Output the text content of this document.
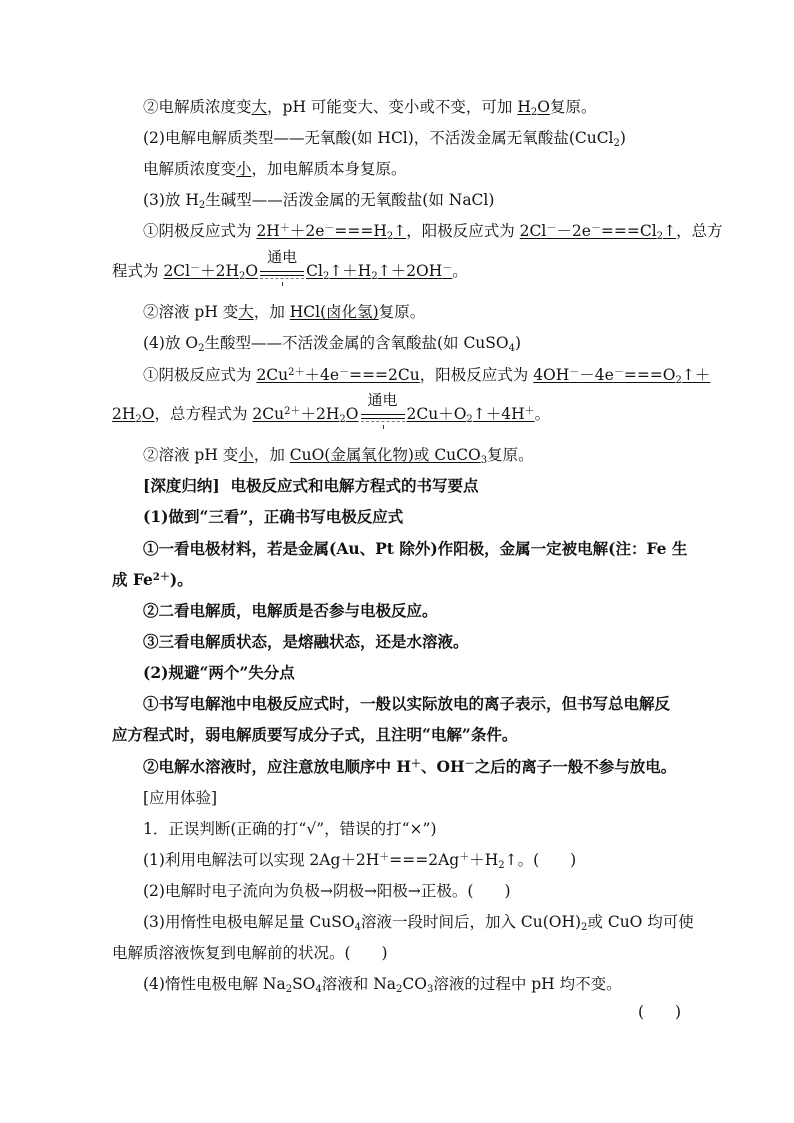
②电解质浓度变大，pH 可能变大、变小或不变，可加 $H_2O$复原。
(2)电解电解质类型——无氧酸(如 HCl)，不活泼金属无氧酸盐(CuCl$_2$)
电解质浓度变小，加电解质本身复原。
(3)放 $H_2$生碱型——活泼金属的无氧酸盐(如 NaCl)
①阴极反应式为 $2H^++2e^-===H_2↑$，阳极反应式为 $2Cl^--2e^-===Cl_2↑$，总方
程式为 $2Cl^-+2H_2O$
通电
$Cl_2↑+H_2↑+2OH^-$。
②溶液 pH 变大，加 HCl(卤化氢)复原。
(4)放 $O_2$生酸型——不活泼金属的含氧酸盐(如 CuSO$_4$)
①阴极反应式为 $2Cu^{2+}+4e^-===2Cu$，阳极反应式为 $4OH^--4e^-===O_2↑+$
$2H_2O$，总方程式为 $2Cu^{2+}+2H_2O$
通电
$2Cu+O_2↑+4H^+$。
②溶液 pH 变小，加 CuO(金属氧化物)或 CuCO$_3$复原。
[深度归纳] 电极反应式和电解方程式的书写要点
(1)做到“三看”，正确书写电极反应式
①一看电极材料，若是金属(Au、Pt 除外)作阳极，金属一定被电解(注：Fe 生
成 $Fe^{2+}$)。
②二看电解质，电解质是否参与电极反应。
③三看电解质状态，是熔融状态，还是水溶液。
(2)规避“两个”失分点
①书写电解池中电极反应式时，一般以实际放电的离子表示，但书写总电解反
应方程式时，弱电解质要写成分子式，且注明“电解”条件。
②电解水溶液时，应注意放电顺序中 H＋、OH－之后的离子一般不参与放电。
[应用体验]
1．正误判断(正确的打“√”，错误的打“×”)
(1)利用电解法可以实现 $2Ag+2H^+===2Ag^++H_2↑$。(　　)
(2)电解时电子流向为负极→阴极→阳极→正极。(　　)
(3)用惰性电极电解足量 CuSO$_4$溶液一段时间后，加入 $Cu(OH)_2$或 CuO 均可使
电解质溶液恢复到电解前的状况。(　　)
(4)惰性电极电解 $Na_2SO_4$溶液和 $Na_2CO_3$溶液的过程中 pH 均不变。
(　　)
